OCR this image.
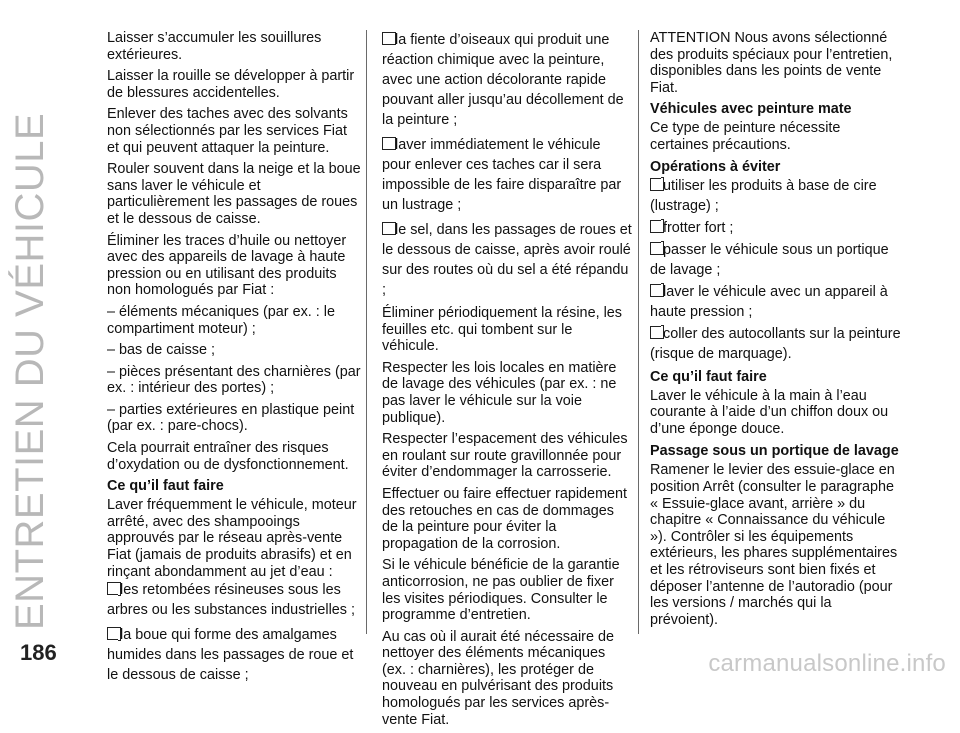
ENTRETIEN DU VÉHICULE

Laisser s’accumuler les souillures extérieures.

Laisser la rouille se développer à partir de blessures accidentelles.

Enlever des taches avec des solvants non sélectionnés par les services Fiat et qui peuvent attaquer la peinture.

Rouler souvent dans la neige et la boue sans laver le véhicule et particulièrement les passages de roues et le dessous de caisse.

Éliminer les traces d’huile ou nettoyer avec des appareils de lavage à haute pression ou en utilisant des produits non homologués par Fiat :

– éléments mécaniques (par ex. : le compartiment moteur) ;

– bas de caisse ;

– pièces présentant des charnières (par ex. : intérieur des portes) ;

– parties extérieures en plastique peint (par ex. : pare-chocs).

Cela pourrait entraîner des risques d’oxydation ou de dysfonctionnement.

Ce qu’il faut faire

Laver fréquemment le véhicule, moteur arrêté, avec des shampooings approuvés par le réseau après-vente Fiat (jamais de produits abrasifs) et en rinçant abondamment au jet d’eau :

les retombées résineuses sous les arbres ou les substances industrielles ;
la boue qui forme des amalgames humides dans les passages de roue et le dessous de caisse ;
la fiente d’oiseaux qui produit une réaction chimique avec la peinture, avec une action décolorante rapide pouvant aller jusqu’au décollement de la peinture ;
laver immédiatement le véhicule pour enlever ces taches car il sera impossible de les faire disparaître par un lustrage ;
le sel, dans les passages de roues et le dessous de caisse, après avoir roulé sur des routes où du sel a été répandu ;

Éliminer périodiquement la résine, les feuilles etc. qui tombent sur le véhicule.

Respecter les lois locales en matière de lavage des véhicules (par ex. : ne pas laver le véhicule sur la voie publique).

Respecter l’espacement des véhicules en roulant sur route gravillonnée pour éviter d’endommager la carrosserie.

Effectuer ou faire effectuer rapidement des retouches en cas de dommages de la peinture pour éviter la propagation de la corrosion.

Si le véhicule bénéficie de la garantie anticorrosion, ne pas oublier de fixer les visites périodiques. Consulter le programme d’entretien.

Au cas où il aurait été nécessaire de nettoyer des éléments mécaniques (ex. : charnières), les protéger de nouveau en pulvérisant des produits homologués par les services après-vente Fiat.

ATTENTION Nous avons sélectionné des produits spéciaux pour l’entretien, disponibles dans les points de vente Fiat.

Véhicules avec peinture mate

Ce type de peinture nécessite certaines précautions.

Opérations à éviter
utiliser les produits à base de cire (lustrage) ;
frotter fort ;
passer le véhicule sous un portique de lavage ;
laver le véhicule avec un appareil à haute pression ;
coller des autocollants sur la peinture (risque de marquage).
Ce qu’il faut faire

Laver le véhicule à la main à l’eau courante à l’aide d’un chiffon doux ou d’une éponge douce.

Passage sous un portique de lavage

Ramener le levier des essuie-glace en position Arrêt (consulter le paragraphe « Essuie-glace avant, arrière » du chapitre « Connaissance du véhicule »). Contrôler si les équipements extérieurs, les phares supplémentaires et les rétroviseurs sont bien fixés et déposer l’antenne de l’autoradio (pour les versions / marchés qui la prévoient).

186	carmanualsonline.info
